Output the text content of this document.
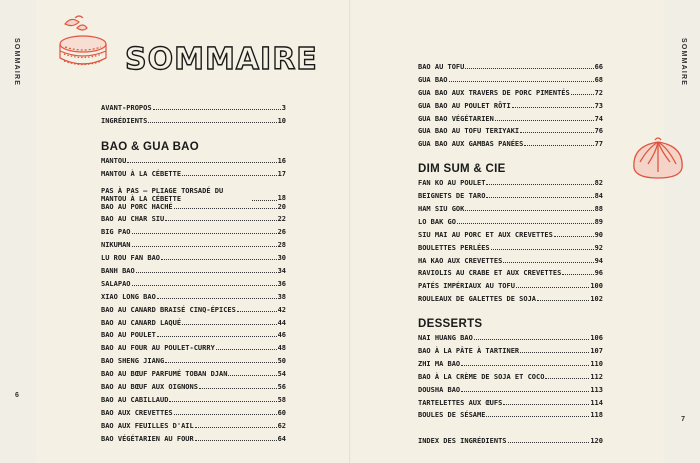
SOMMAIRE	SOMMAIRE
6
7
SOMMAIRE
AVANT-PROPOS	3
INGRÉDIENTS	10
BAO & GUA BAO
MANTOU	16
MANTOU À LA CÉBETTE	17
PAS À PAS – PLIAGE TORSADÉ DU MANTOU À LA CÉBETTE	18
BAO AU PORC HACHÉ	20
BAO AU CHAR SIU	22
BIG PAO	26
NIKUMAN	28
LU ROU FAN BAO	30
BANH BAO	34
SALAPAO	36
XIAO LONG BAO	38
BAO AU CANARD BRAISÉ CINQ-ÉPICES	42
BAO AU CANARD LAQUÉ	44
BAO AU POULET	46
BAO AU FOUR AU POULET-CURRY	48
BAO SHENG JIANG	50
BAO AU BŒUF PARFUMÉ TOBAN DJAN	54
BAO AU BŒUF AUX OIGNONS	56
BAO AU CABILLAUD	58
BAO AUX CREVETTES	60
BAO AUX FEUILLES D'AIL	62
BAO VÉGÉTARIEN AU FOUR	64
BAO AU TOFU	66
GUA BAO	68
GUA BAO AUX TRAVERS DE PORC PIMENTÉS	72
GUA BAO AU POULET RÔTI	73
GUA BAO VÉGÉTARIEN	74
GUA BAO AU TOFU TERIYAKI	76
GUA BAO AUX GAMBAS PANÉES	77
DIM SUM & CIE
FAN KO AU POULET	82
BEIGNETS DE TARO	84
HAM SIU GOK	88
LO BAK GO	89
SIU MAI AU PORC ET AUX CREVETTES	90
BOULETTES PERLÉES	92
HA KAO AUX CREVETTES	94
RAVIOLIS AU CRABE ET AUX CREVETTES	96
PATÉS IMPÉRIAUX AU TOFU	100
ROULEAUX DE GALETTES DE SOJA	102
DESSERTS
NAI HUANG BAO	106
BAO À LA PÂTE À TARTINER	107
ZHI MA BAO	110
BAO À LA CRÈME DE SOJA ET COCO	112
DOUSHA BAO	113
TARTELETTES AUX ŒUFS	114
BOULES DE SÉSAME	118
INDEX DES INGRÉDIENTS	120
